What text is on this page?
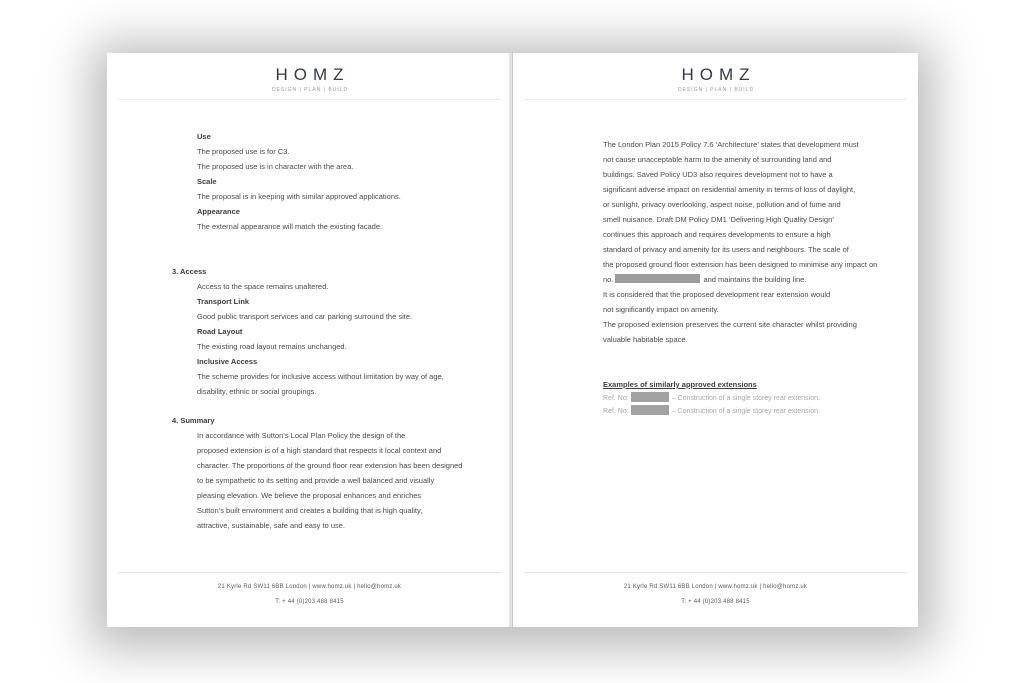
HOMZ
DESIGN | PLAN | BUILD
Use
The proposed use is for C3.
The proposed use is in character with the area.
Scale
The proposal is in keeping with similar approved applications.
Appearance
The external appearance will match the existing facade.
3. Access
Access to the space remains unaltered.
Transport Link
Good public transport services and car parking surround the site.
Road Layout
The existing road layout remains unchanged.
Inclusive Access
The scheme provides for inclusive access without limitation by way of age,
disability, ethnic or social groupings.
4. Summary
In accordance with Sutton’s Local Plan Policy the design of the
proposed extension is of a high standard that respects it local context and
character. The proportions of the ground floor rear extension has been designed
to be sympathetic to its setting and provide a well balanced and visually
pleasing elevation. We believe the proposal enhances and enriches
Sutton’s built environment and creates a building that is high quality,
attractive, sustainable, safe and easy to use.
21 Kyrle Rd SW11 6BB London | www.homz.uk | hello@homz.uk
T: + 44 (0)203 488 8415
HOMZ
DESIGN | PLAN | BUILD
The London Plan 2015 Policy 7.6 ‘Architecture’ states that development must
not cause unacceptable harm to the amenity of surrounding land and
buildings. Saved Policy UD3 also requires development not to have a
significant adverse impact on residential amenity in terms of loss of daylight,
or sunlight, privacy overlooking, aspect noise, pollution and of fume and
smell nuisance. Draft DM Policy DM1 ‘Delivering High Quality Design’
continues this approach and requires developments to ensure a high
standard of privacy and amenity for its users and neighbours. The scale of
the proposed ground floor extension has been designed to minimise any impact on
no.	and maintains the building line.
It is considered that the proposed development rear extension would
not significantly impact on amenity.
The proposed extension preserves the current site character whilst providing
valuable habitable space.
Examples of similarly approved extensions
Ref. No:	– Construction of a single storey rear extension.
Ref. No:	– Construction of a single storey rear extension.
21 Kyrle Rd SW11 6BB London | www.homz.uk | hello@homz.uk
T: + 44 (0)203 488 8415
